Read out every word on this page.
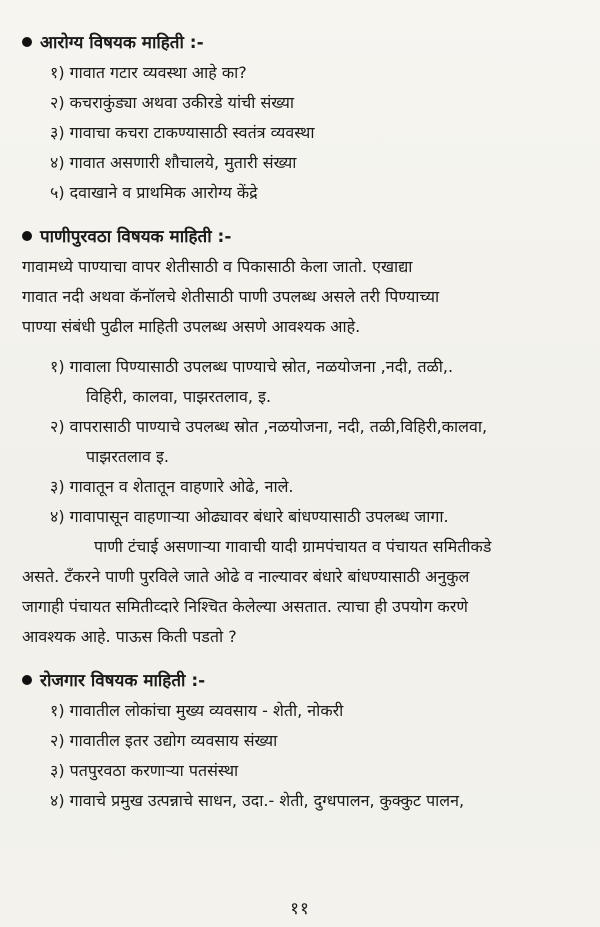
आरोग्य विषयक माहिती :-
१) गावात गटार व्यवस्था आहे का?
२) कचराकुंड्या अथवा उकीरडे यांची संख्या
३) गावाचा कचरा टाकण्यासाठी स्वतंत्र व्यवस्था
४) गावात असणारी शौचालये, मुतारी संख्या
५) दवाखाने व प्राथमिक आरोग्य केंद्रे
पाणीपुरवठा विषयक माहिती :-
गावामध्ये पाण्याचा वापर शेतीसाठी व पिकासाठी केला जातो. एखाद्या
गावात नदी अथवा कॅनॉलचे शेतीसाठी पाणी उपलब्ध असले तरी पिण्याच्या
पाण्या संबंधी पुढील माहिती उपलब्ध असणे आवश्यक आहे.
१) गावाला पिण्यासाठी उपलब्ध पाण्याचे स्रोत, नळयोजना ,नदी, तळी,.
विहिरी, कालवा, पाझरतलाव, इ.
२) वापरासाठी पाण्याचे उपलब्ध स्रोत ,नळयोजना, नदी, तळी,विहिरी,कालवा,
पाझरतलाव इ.
३) गावातून व शेतातून वाहणारे ओढे, नाले.
४) गावापासून वाहणाऱ्या ओढ्यावर बंधारे बांधण्यासाठी उपलब्ध जागा.
पाणी टंचाई असणाऱ्या गावाची यादी ग्रामपंचायत व पंचायत समितीकडे
असते. टँकरने पाणी पुरविले जाते ओढे व नाल्यावर बंधारे बांधण्यासाठी अनुकुल
जागाही पंचायत समितीव्दारे निश्चित केलेल्या असतात. त्याचा ही उपयोग करणे
आवश्यक आहे. पाऊस किती पडतो ?
रोजगार विषयक माहिती :-
१) गावातील लोकांचा मुख्य व्यवसाय - शेती, नोकरी
२) गावातील इतर उद्योग व्यवसाय संख्या
३) पतपुरवठा करणाऱ्या पतसंस्था
४) गावाचे प्रमुख उत्पन्नाचे साधन, उदा.- शेती, दुग्धपालन, कुक्कुट पालन,
११
